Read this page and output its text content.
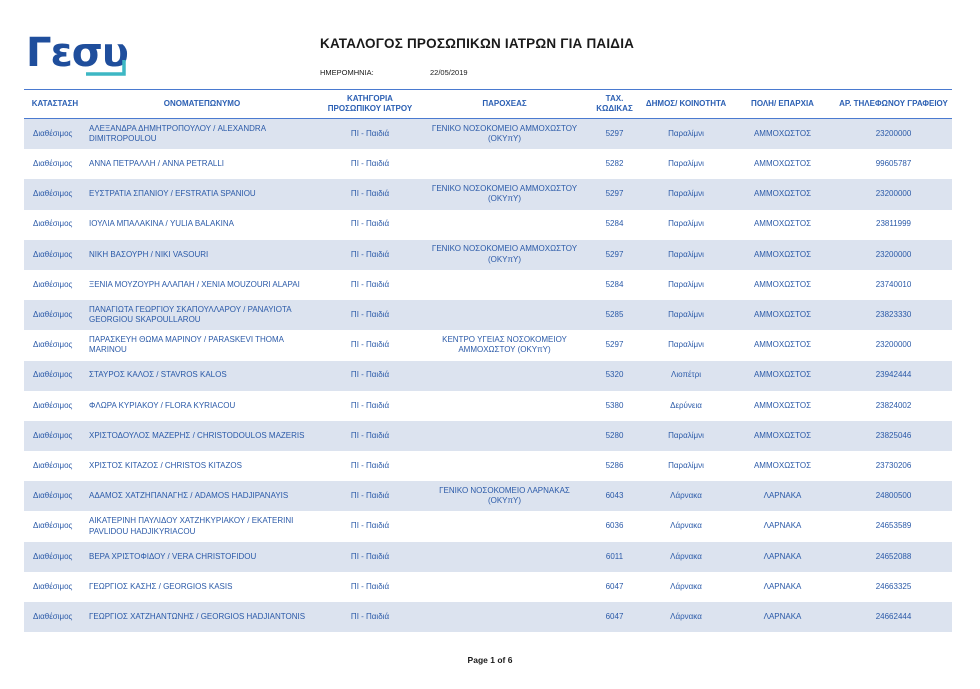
Γεσυ	ΚΑΤΑΛΟΓΟΣ ΠΡΟΣΩΠΙΚΩΝ ΙΑΤΡΩΝ ΓΙΑ ΠΑΙΔΙΑ
ΗΜΕΡΟΜΗΝΙΑ:	22/05/2019
ΚΑΤΑΣΤΑΣΗ	ΟΝΟΜΑΤΕΠΩΝΥΜΟ	ΚΑΤΗΓΟΡΙΑ ΠΡΟΣΩΠΙΚΟΥ ΙΑΤΡΟΥ	ΠΑΡΟΧΕΑΣ	ΤΑΧ. ΚΩΔΙΚΑΣ	ΔΗΜΟΣ/ ΚΟΙΝΟΤΗΤΑ	ΠΟΛΗ/ ΕΠΑΡΧΙΑ	ΑΡ. ΤΗΛΕΦΩΝΟΥ ΓΡΑΦΕΙΟΥ
Διαθέσιμος	ΑΛΕΞΑΝΔΡΑ ΔΗΜΗΤΡΟΠΟΥΛΟΥ / ALEXANDRA DIMITROPOULOU	ΠΙ - Παιδιά	ΓΕΝΙΚΟ ΝΟΣΟΚΟΜΕΙΟ ΑΜΜΟΧΩΣΤΟΥ (ΟΚΥπΥ)	5297	Παραλίμνι	ΑΜΜΟΧΩΣΤΟΣ	23200000
Διαθέσιμος	ΑΝΝΑ ΠΕΤΡΑΛΛΗ / ANNA PETRALLI	ΠΙ - Παιδιά		5282	Παραλίμνι	ΑΜΜΟΧΩΣΤΟΣ	99605787
Διαθέσιμος	ΕΥΣΤΡΑΤΙΑ ΣΠΑΝΙΟΥ / EFSTRATIA SPANIOU	ΠΙ - Παιδιά	ΓΕΝΙΚΟ ΝΟΣΟΚΟΜΕΙΟ ΑΜΜΟΧΩΣΤΟΥ (ΟΚΥπΥ)	5297	Παραλίμνι	ΑΜΜΟΧΩΣΤΟΣ	23200000
Διαθέσιμος	ΙΟΥΛΙΑ ΜΠΑΛΑΚΙΝΑ / YULIA BALAKINA	ΠΙ - Παιδιά		5284	Παραλίμνι	ΑΜΜΟΧΩΣΤΟΣ	23811999
Διαθέσιμος	ΝΙΚΗ ΒΑΣΟΥΡΗ / NIKI VASOURI	ΠΙ - Παιδιά	ΓΕΝΙΚΟ ΝΟΣΟΚΟΜΕΙΟ ΑΜΜΟΧΩΣΤΟΥ (ΟΚΥπΥ)	5297	Παραλίμνι	ΑΜΜΟΧΩΣΤΟΣ	23200000
Διαθέσιμος	ΞΕΝΙΑ ΜΟΥΖΟΥΡΗ ΑΛΑΠΑΗ / XENIA MOUZOURI ALAPAI	ΠΙ - Παιδιά		5284	Παραλίμνι	ΑΜΜΟΧΩΣΤΟΣ	23740010
Διαθέσιμος	ΠΑΝΑΓΙΩΤΑ ΓΕΩΡΓΙΟΥ ΣΚΑΠΟΥΛΛΑΡΟΥ / PANAYIOTA GEORGIOU SKAPOULLAROU	ΠΙ - Παιδιά		5285	Παραλίμνι	ΑΜΜΟΧΩΣΤΟΣ	23823330
Διαθέσιμος	ΠΑΡΑΣΚΕΥΗ ΘΩΜΑ ΜΑΡΙΝΟΥ / PARASKEVI THOMA MARINOU	ΠΙ - Παιδιά	ΚΕΝΤΡΟ ΥΓΕΙΑΣ ΝΟΣΟΚΟΜΕΙΟΥ ΑΜΜΟΧΩΣΤΟΥ (ΟΚΥπΥ)	5297	Παραλίμνι	ΑΜΜΟΧΩΣΤΟΣ	23200000
Διαθέσιμος	ΣΤΑΥΡΟΣ ΚΑΛΟΣ / STAVROS KALOS	ΠΙ - Παιδιά		5320	Λιοπέτρι	ΑΜΜΟΧΩΣΤΟΣ	23942444
Διαθέσιμος	ΦΛΩΡΑ ΚΥΡΙΑΚΟΥ / FLORA KYRIACOU	ΠΙ - Παιδιά		5380	Δερύνεια	ΑΜΜΟΧΩΣΤΟΣ	23824002
Διαθέσιμος	ΧΡΙΣΤΟΔΟΥΛΟΣ ΜΑΖΕΡΗΣ / CHRISTODOULOS MAZERIS	ΠΙ - Παιδιά		5280	Παραλίμνι	ΑΜΜΟΧΩΣΤΟΣ	23825046
Διαθέσιμος	ΧΡΙΣΤΟΣ ΚΙΤΑΖΟΣ / CHRISTOS KITAZOS	ΠΙ - Παιδιά		5286	Παραλίμνι	ΑΜΜΟΧΩΣΤΟΣ	23730206
Διαθέσιμος	ΑΔΑΜΟΣ ΧΑΤΖΗΠΑΝΑΓΗΣ / ADAMOS HADJIPANAYIS	ΠΙ - Παιδιά	ΓΕΝΙΚΟ ΝΟΣΟΚΟΜΕΙΟ ΛΑΡΝΑΚΑΣ (ΟΚΥπΥ)	6043	Λάρνακα	ΛΑΡΝΑΚΑ	24800500
Διαθέσιμος	ΑΙΚΑΤΕΡΙΝΗ ΠΑΥΛΙΔΟΥ ΧΑΤΖΗΚΥΡΙΑΚΟΥ / EKATERINI PAVLIDOU HADJIKYRIACOU	ΠΙ - Παιδιά		6036	Λάρνακα	ΛΑΡΝΑΚΑ	24653589
Διαθέσιμος	ΒΕΡΑ ΧΡΙΣΤΟΦΙΔΟΥ / VERA CHRISTOFIDOU	ΠΙ - Παιδιά		6011	Λάρνακα	ΛΑΡΝΑΚΑ	24652088
Διαθέσιμος	ΓΕΩΡΓΙΟΣ ΚΑΣΗΣ / GEORGIOS KASIS	ΠΙ - Παιδιά		6047	Λάρνακα	ΛΑΡΝΑΚΑ	24663325
Διαθέσιμος	ΓΕΩΡΓΙΟΣ ΧΑΤΖΗΑΝΤΩΝΗΣ / GEORGIOS HADJIANTONIS	ΠΙ - Παιδιά		6047	Λάρνακα	ΛΑΡΝΑΚΑ	24662444
Page 1 of 6
